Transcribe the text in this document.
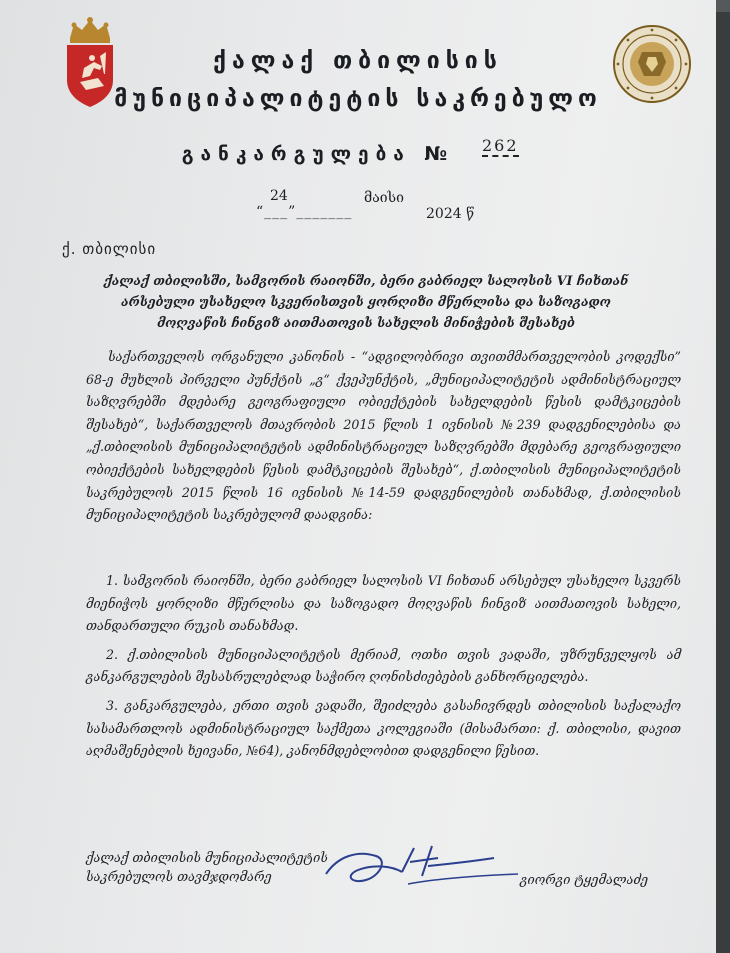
ქალაქ თბილისის
მუნიციპალიტეტის საკრებულო
განკარგულება №	262
24	მაისი
“___”_______	2024 წ
ქ. თბილისი
ქალაქ თბილისში, სამგორის რაიონში, ბერი გაბრიელ სალოსის VI ჩიხთან არსებული უსახელო სკვერისთვის ყორღიზი მწერლისა და საზოგადო მოღვაწის ჩინგიზ აითმათოვის სახელის მინიჭების შესახებ

საქართველოს ორგანული კანონის - “ადგილობრივი თვითმმართველობის კოდექსი” 68-ე მუხლის პირველი პუნქტის „გ“ ქვეპუნქტის, „მუნიციპალიტეტის ადმინისტრაციულ საზღვრებში მდებარე გეოგრაფიული ობიექტების სახელდების წესის დამტკიცების შესახებ“, საქართველოს მთავრობის 2015 წლის 1 ივნისის №239 დადგენილებისა და „ქ.თბილისის მუნიციპალიტეტის ადმინისტრაციულ საზღვრებში მდებარე გეოგრაფიული ობიექტების სახელდების წესის დამტკიცების შესახებ“, ქ.თბილისის მუნიციპალიტეტის საკრებულოს 2015 წლის 16 ივნისის №14-59 დადგენილების თანახმად, ქ.თბილისის მუნიციპალიტეტის საკრებულომ დაადგინა:

1. სამგორის რაიონში, ბერი გაბრიელ სალოსის VI ჩიხთან არსებულ უსახელო სკვერს მიენიჭოს ყორღიზი მწერლისა და საზოგადო მოღვაწის ჩინგიზ აითმათოვის სახელი, თანდართული რუკის თანახმად.

2. ქ.თბილისის მუნიციპალიტეტის მერიამ, ოთხი თვის ვადაში, უზრუნველყოს ამ განკარგულების შესასრულებლად საჭირო ღონისძიებების განხორციელება.

3. განკარგულება, ერთი თვის ვადაში, შეიძლება გასაჩივრდეს თბილისის საქალაქო სასამართლოს ადმინისტრაციულ საქმეთა კოლეგიაში (მისამართი: ქ. თბილისი, დავით აღმაშენებლის ხეივანი, №64), კანონმდებლობით დადგენილი წესით.

ქალაქ თბილისის მუნიციპალიტეტის
საკრებულოს თავმჯდომარე	გიორგი ტყემალაძე
